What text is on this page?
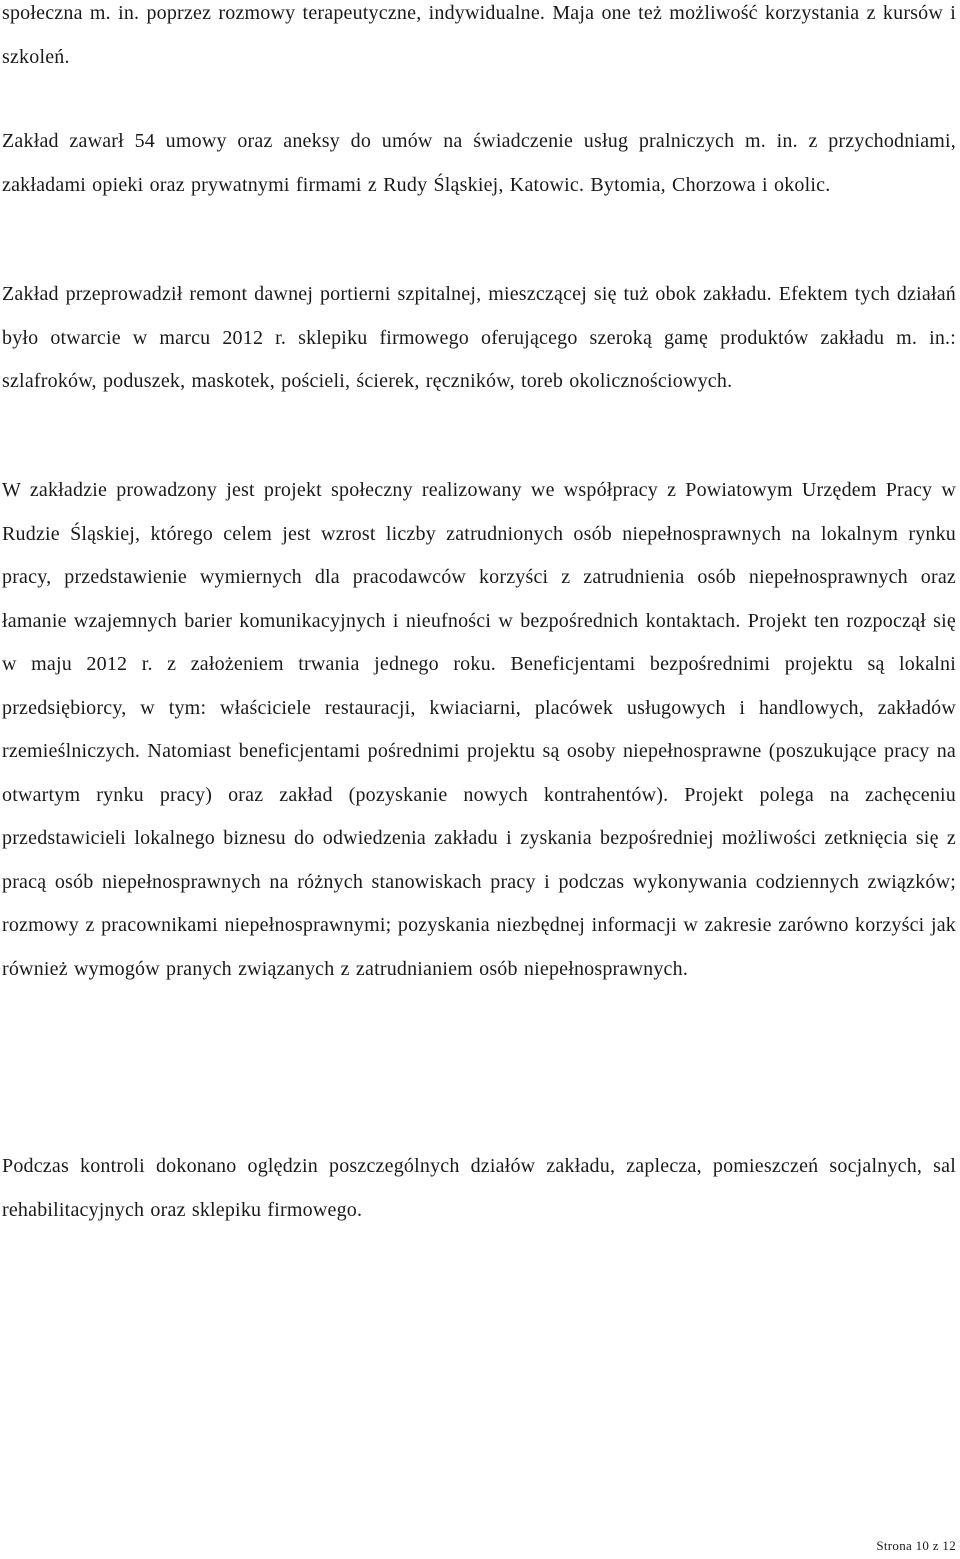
społeczna m. in. poprzez rozmowy terapeutyczne, indywidualne. Maja one też możliwość korzystania z kursów i szkoleń.

Zakład zawarł 54 umowy oraz aneksy do umów na świadczenie usług pralniczych m. in. z przychodniami, zakładami opieki oraz prywatnymi firmami z Rudy Śląskiej, Katowic. Bytomia, Chorzowa i okolic.

Zakład przeprowadził remont dawnej portierni szpitalnej, mieszczącej się tuż obok zakładu. Efektem tych działań było otwarcie w marcu 2012 r. sklepiku firmowego oferującego szeroką gamę produktów zakładu m. in.: szlafroków, poduszek, maskotek, pościeli, ścierek, ręczników, toreb okolicznościowych.

W zakładzie prowadzony jest projekt społeczny realizowany we współpracy z Powiatowym Urzędem Pracy w Rudzie Śląskiej, którego celem jest wzrost liczby zatrudnionych osób niepełnosprawnych na lokalnym rynku pracy, przedstawienie wymiernych dla pracodawców korzyści z zatrudnienia osób niepełnosprawnych oraz łamanie wzajemnych barier komunikacyjnych i nieufności w bezpośrednich kontaktach. Projekt ten rozpoczął się w maju 2012 r. z założeniem trwania jednego roku. Beneficjentami bezpośrednimi projektu są lokalni przedsiębiorcy, w tym: właściciele restauracji, kwiaciarni, placówek usługowych i handlowych, zakładów rzemieślniczych. Natomiast beneficjentami pośrednimi projektu są osoby niepełnosprawne (poszukujące pracy na otwartym rynku pracy) oraz zakład (pozyskanie nowych kontrahentów). Projekt polega na zachęceniu przedstawicieli lokalnego biznesu do odwiedzenia zakładu i zyskania bezpośredniej możliwości zetknięcia się z pracą osób niepełnosprawnych na różnych stanowiskach pracy i podczas wykonywania codziennych związków; rozmowy z pracownikami niepełnosprawnymi; pozyskania niezbędnej informacji w zakresie zarówno korzyści jak również wymogów pranych związanych z zatrudnianiem osób niepełnosprawnych.

Podczas kontroli dokonano oględzin poszczególnych działów zakładu, zaplecza, pomieszczeń socjalnych, sal rehabilitacyjnych oraz sklepiku firmowego.

Strona 10 z 12
